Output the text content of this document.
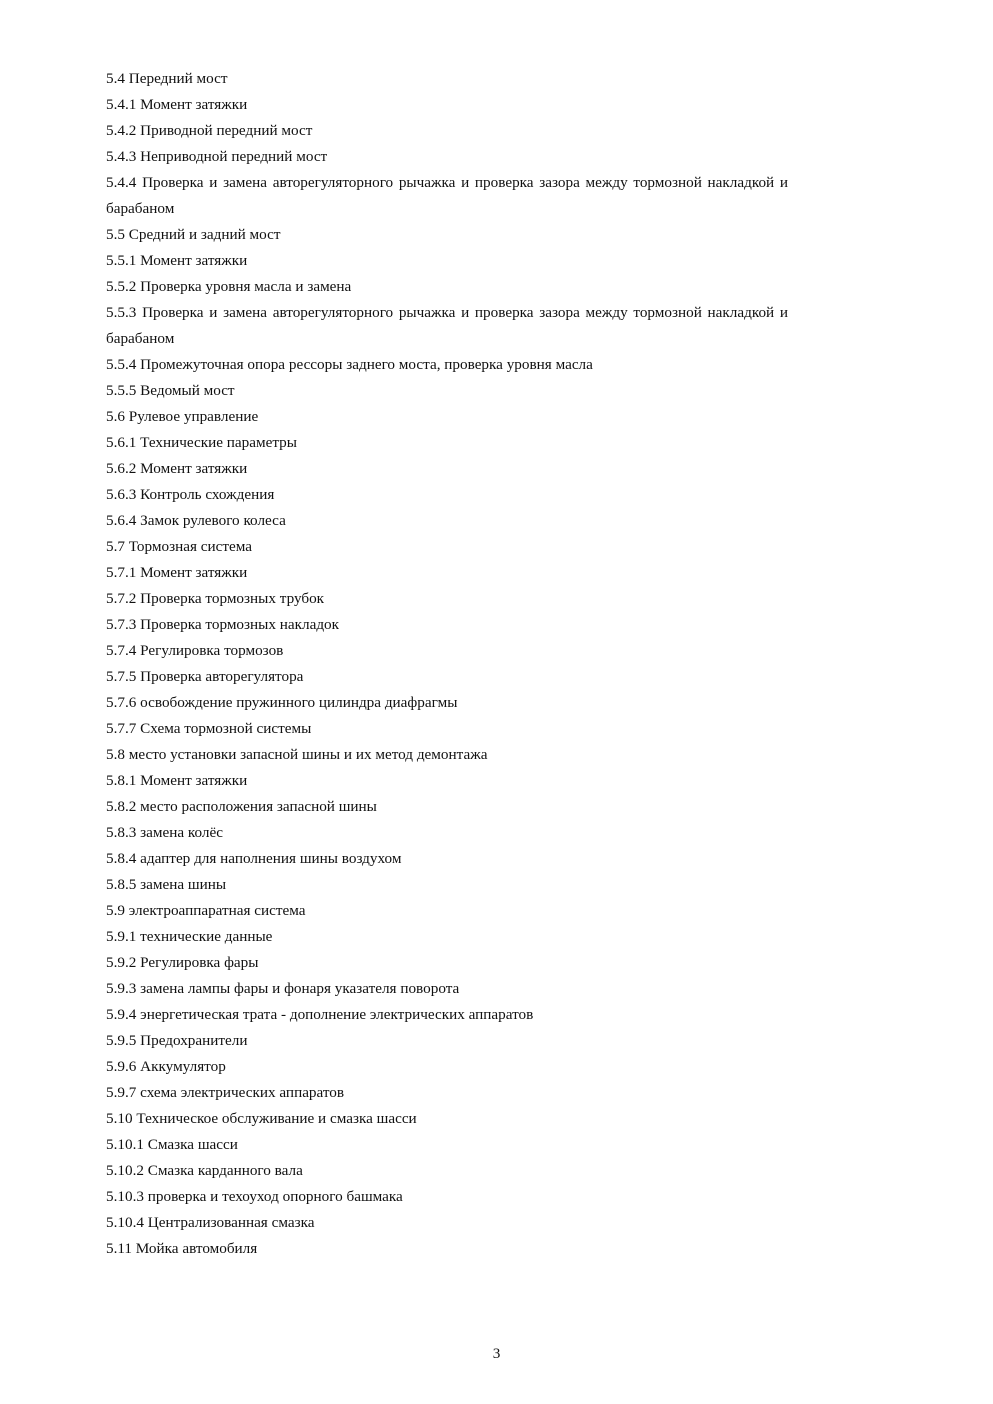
5.4 Передний мост

5.4.1 Момент затяжки

5.4.2 Приводной передний мост

5.4.3 Неприводной передний мост

5.4.4 Проверка и замена авторегуляторного рычажка и проверка зазора между тормозной накладкой и барабаном

5.5 Средний и задний мост

5.5.1 Момент затяжки

5.5.2 Проверка уровня масла и замена

5.5.3 Проверка и замена авторегуляторного рычажка и проверка зазора между тормозной накладкой и барабаном

5.5.4 Промежуточная опора рессоры заднего моста, проверка уровня масла

5.5.5 Ведомый мост

5.6 Рулевое управление

5.6.1 Технические параметры

5.6.2 Момент затяжки

5.6.3 Контроль схождения

5.6.4 Замок рулевого колеса

5.7 Тормозная система

5.7.1 Момент затяжки

5.7.2 Проверка тормозных трубок

5.7.3 Проверка тормозных накладок

5.7.4 Регулировка тормозов

5.7.5 Проверка авторегулятора

5.7.6 освобождение пружинного цилиндра диафрагмы

5.7.7 Схема тормозной системы

5.8 место установки запасной шины и их метод демонтажа

5.8.1 Момент затяжки

5.8.2 место расположения запасной шины

5.8.3 замена колёс

5.8.4 адаптер для наполнения шины воздухом

5.8.5 замена шины

5.9 электроаппаратная система

5.9.1 технические данные

5.9.2 Регулировка фары

5.9.3 замена лампы фары и фонаря указателя поворота

5.9.4 энергетическая трата - дополнение электрических аппаратов

5.9.5 Предохранители

5.9.6 Аккумулятор

5.9.7 схема электрических аппаратов

5.10 Техническое обслуживание и смазка шасси

5.10.1 Смазка шасси

5.10.2 Смазка карданного вала

5.10.3 проверка и техоуход опорного башмака

5.10.4 Централизованная смазка

5.11 Мойка автомобиля

3
